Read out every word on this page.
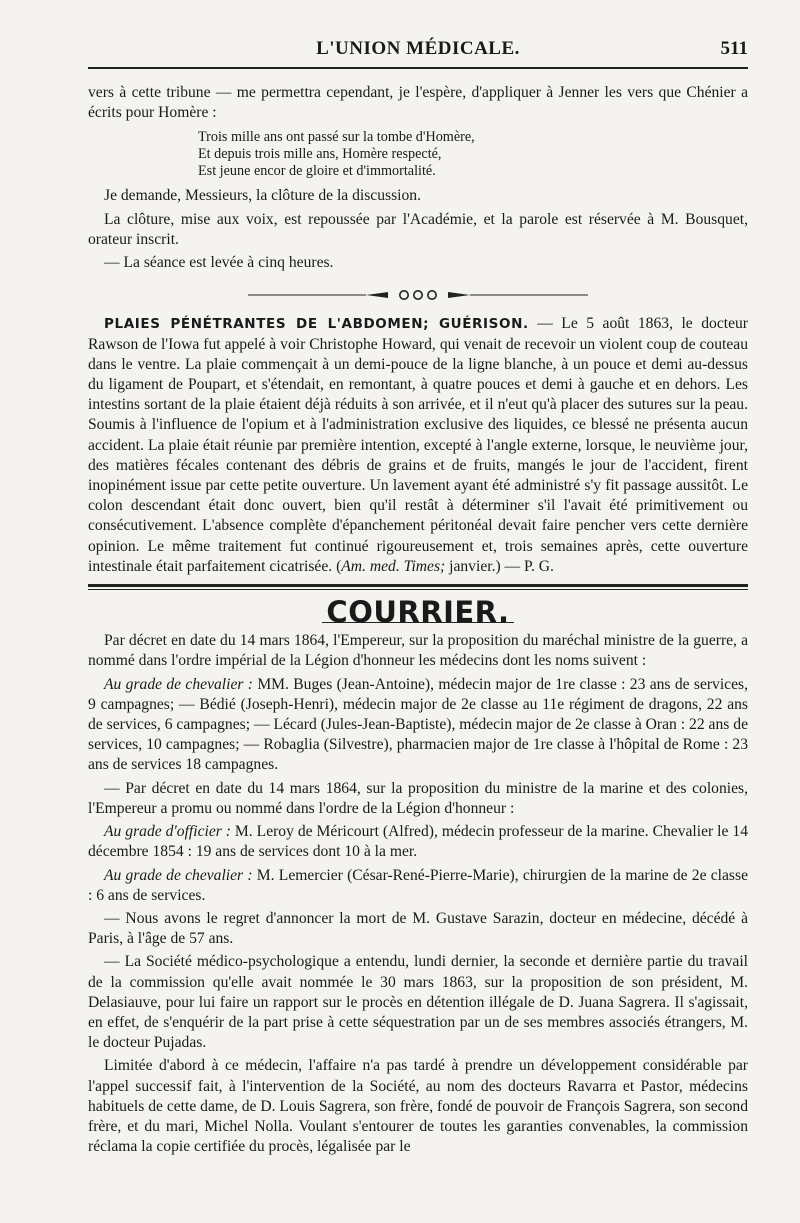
L'UNION MÉDICALE.	511

vers à cette tribune — me permettra cependant, je l'espère, d'appliquer à Jenner les vers que Chénier a écrits pour Homère :

Trois mille ans ont passé sur la tombe d'Homère,
Et depuis trois mille ans, Homère respecté,
Est jeune encor de gloire et d'immortalité.

Je demande, Messieurs, la clôture de la discussion.

La clôture, mise aux voix, est repoussée par l'Académie, et la parole est réservée à M. Bousquet, orateur inscrit.

— La séance est levée à cinq heures.

PLAIES PÉNÉTRANTES DE L'ABDOMEN; GUÉRISON. — Le 5 août 1863, le docteur Rawson de l'Iowa fut appelé à voir Christophe Howard, qui venait de recevoir un violent coup de couteau dans le ventre. La plaie commençait à un demi-pouce de la ligne blanche, à un pouce et demi au-dessus du ligament de Poupart, et s'étendait, en remontant, à quatre pouces et demi à gauche et en dehors. Les intestins sortant de la plaie étaient déjà réduits à son arrivée, et il n'eut qu'à placer des sutures sur la peau. Soumis à l'influence de l'opium et à l'administration exclusive des liquides, ce blessé ne présenta aucun accident. La plaie était réunie par première intention, excepté à l'angle externe, lorsque, le neuvième jour, des matières fécales contenant des débris de grains et de fruits, mangés le jour de l'accident, firent inopinément issue par cette petite ouverture. Un lavement ayant été administré s'y fit passage aussitôt. Le colon descendant était donc ouvert, bien qu'il restât à déterminer s'il l'avait été primitivement ou consécutivement. L'absence complète d'épanchement péritonéal devait faire pencher vers cette dernière opinion. Le même traitement fut continué rigoureusement et, trois semaines après, cette ouverture intestinale était parfaitement cicatrisée. (Am. med. Times; janvier.) — P. G.

COURRIER.

Par décret en date du 14 mars 1864, l'Empereur, sur la proposition du maréchal ministre de la guerre, a nommé dans l'ordre impérial de la Légion d'honneur les médecins dont les noms suivent :

Au grade de chevalier : MM. Buges (Jean-Antoine), médecin major de 1re classe : 23 ans de services, 9 campagnes; — Bédié (Joseph-Henri), médecin major de 2e classe au 11e régiment de dragons, 22 ans de services, 6 campagnes; — Lécard (Jules-Jean-Baptiste), médecin major de 2e classe à Oran : 22 ans de services, 10 campagnes; — Robaglia (Silvestre), pharmacien major de 1re classe à l'hôpital de Rome : 23 ans de services 18 campagnes.

— Par décret en date du 14 mars 1864, sur la proposition du ministre de la marine et des colonies, l'Empereur a promu ou nommé dans l'ordre de la Légion d'honneur :

Au grade d'officier : M. Leroy de Méricourt (Alfred), médecin professeur de la marine. Chevalier le 14 décembre 1854 : 19 ans de services dont 10 à la mer.

Au grade de chevalier : M. Lemercier (César-René-Pierre-Marie), chirurgien de la marine de 2e classe : 6 ans de services.

— Nous avons le regret d'annoncer la mort de M. Gustave Sarazin, docteur en médecine, décédé à Paris, à l'âge de 57 ans.

— La Société médico-psychologique a entendu, lundi dernier, la seconde et dernière partie du travail de la commission qu'elle avait nommée le 30 mars 1863, sur la proposition de son président, M. Delasiauve, pour lui faire un rapport sur le procès en détention illégale de D. Juana Sagrera. Il s'agissait, en effet, de s'enquérir de la part prise à cette séquestration par un de ses membres associés étrangers, M. le docteur Pujadas.

Limitée d'abord à ce médecin, l'affaire n'a pas tardé à prendre un développement considérable par l'appel successif fait, à l'intervention de la Société, au nom des docteurs Ravarra et Pastor, médecins habituels de cette dame, de D. Louis Sagrera, son frère, fondé de pouvoir de François Sagrera, son second frère, et du mari, Michel Nolla. Voulant s'entourer de toutes les garanties convenables, la commission réclama la copie certifiée du procès, légalisée par le
